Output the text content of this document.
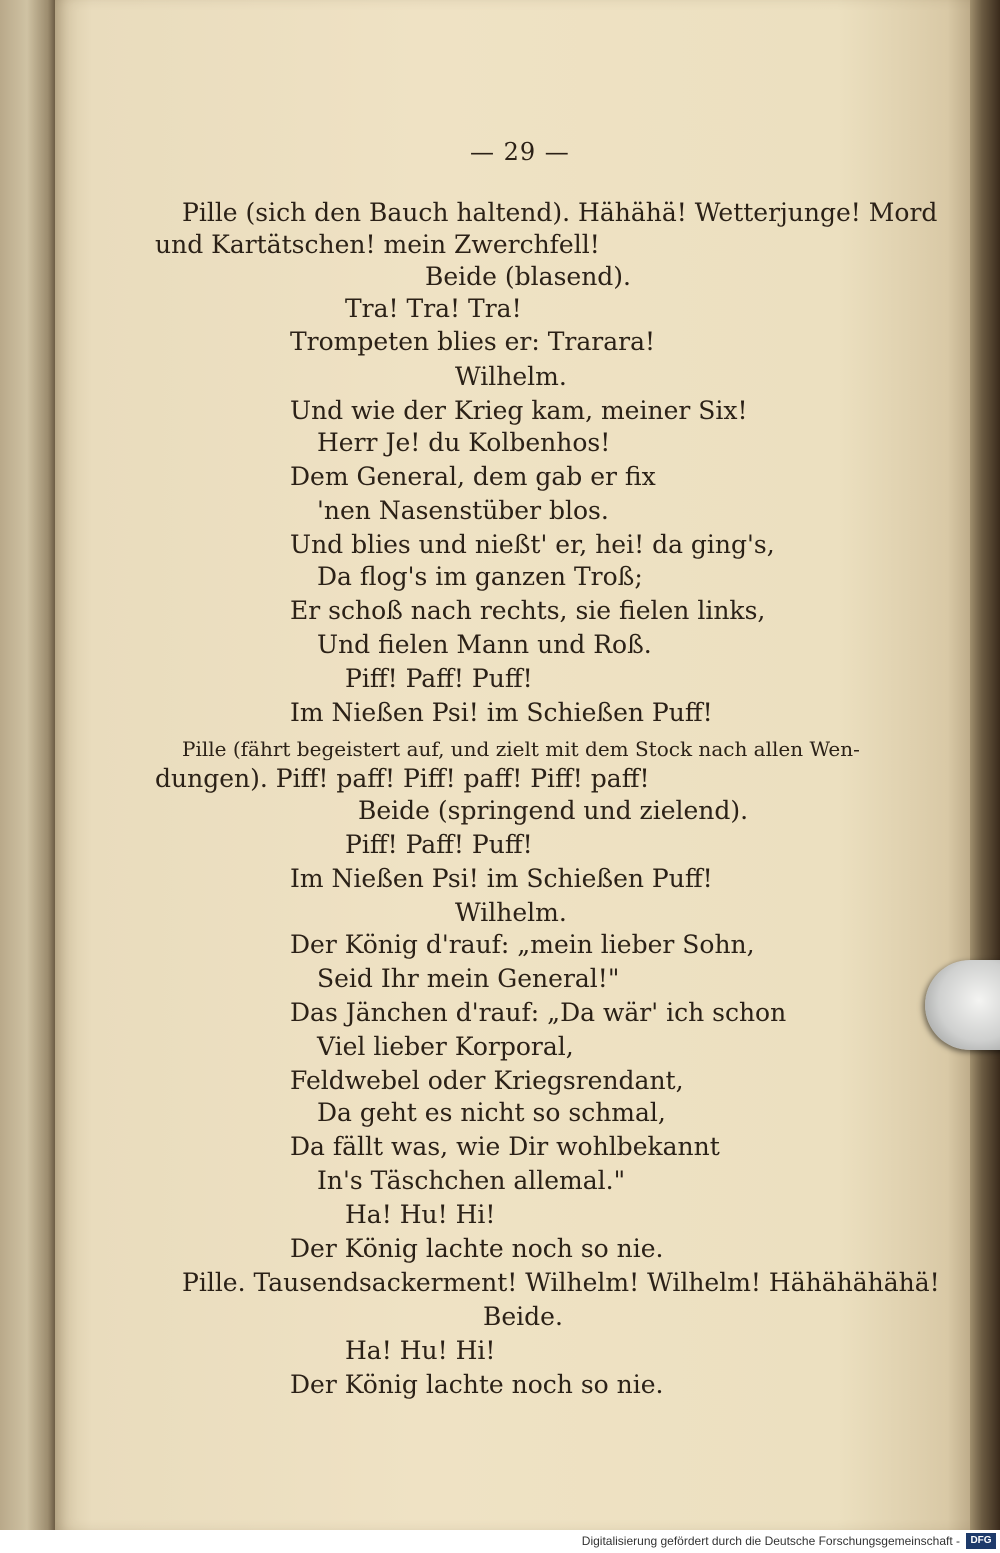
— 29 —
Pille (sich den Bauch haltend). Hähähä! Wetterjunge! Mord
und Kartätschen! mein Zwerchfell!
Beide (blasend).
Tra! Tra! Tra!
Trompeten blies er: Trarara!
Wilhelm.
Und wie der Krieg kam, meiner Six!
Herr Je! du Kolbenhos!
Dem General, dem gab er fix
'nen Nasenstüber blos.
Und blies und nießt' er, hei! da ging's,
Da flog's im ganzen Troß;
Er schoß nach rechts, sie fielen links,
Und fielen Mann und Roß.
Piff! Paff! Puff!
Im Nießen Psi! im Schießen Puff!
Pille (fährt begeistert auf, und zielt mit dem Stock nach allen Wen-
dungen). Piff! paff! Piff! paff! Piff! paff!
Beide (springend und zielend).
Piff! Paff! Puff!
Im Nießen Psi! im Schießen Puff!
Wilhelm.
Der König d'rauf: „mein lieber Sohn,
Seid Ihr mein General!"
Das Jänchen d'rauf: „Da wär' ich schon
Viel lieber Korporal,
Feldwebel oder Kriegsrendant,
Da geht es nicht so schmal,
Da fällt was, wie Dir wohlbekannt
In's Täschchen allemal."
Ha! Hu! Hi!
Der König lachte noch so nie.
Pille. Tausendsackerment! Wilhelm! Wilhelm! Hähähähähä!
Beide.
Ha! Hu! Hi!
Der König lachte noch so nie.
Digitalisierung gefördert durch die Deutsche Forschungsgemeinschaft -	DFG
